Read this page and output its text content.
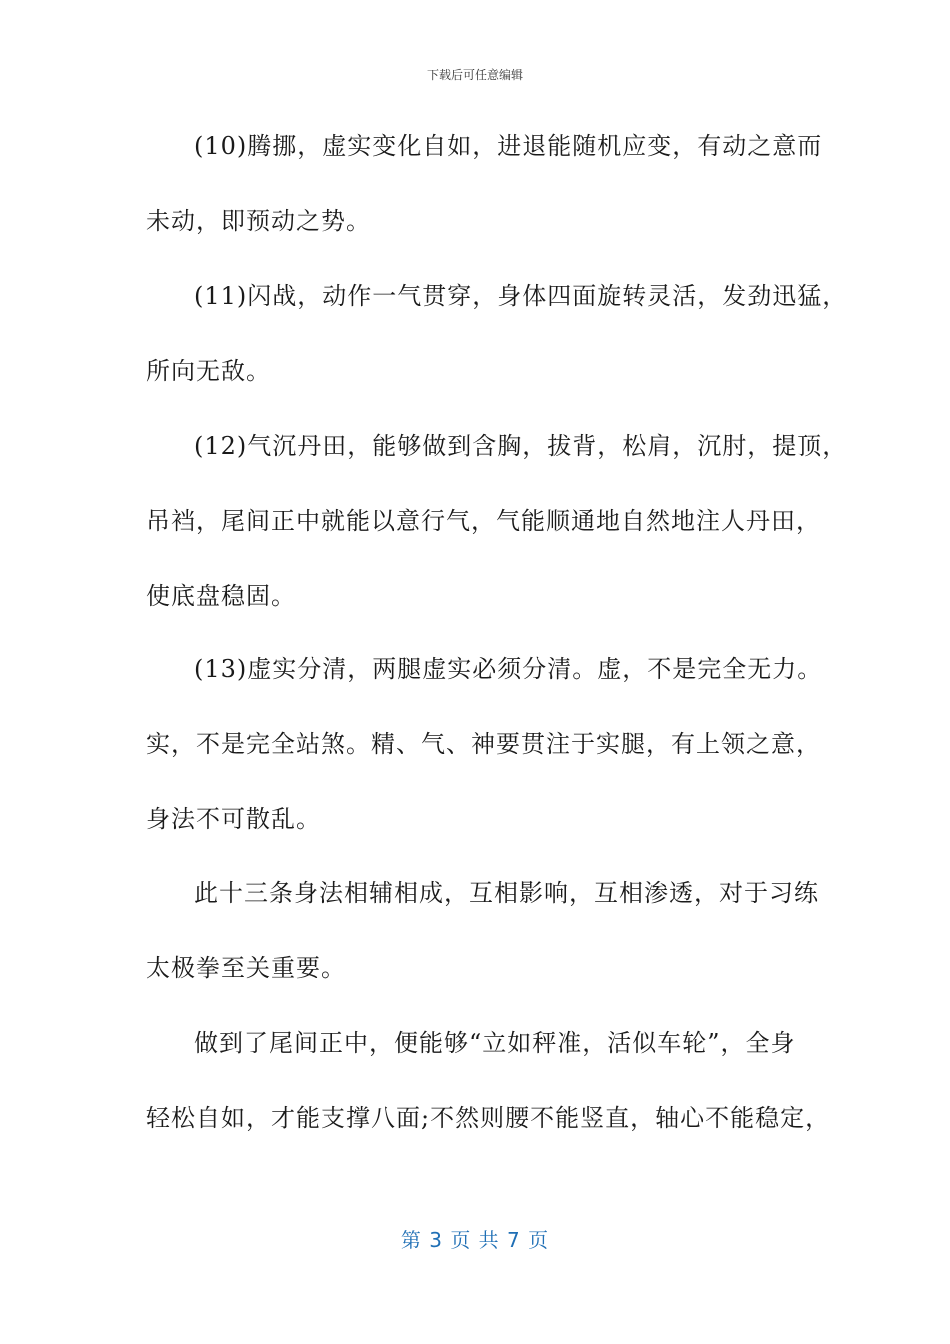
下载后可任意编辑
(10)腾挪，虚实变化自如，进退能随机应变，有动之意而
未动，即预动之势。
(11)闪战，动作一气贯穿，身体四面旋转灵活，发劲迅猛，
所向无敌。
(12)气沉丹田，能够做到含胸，拔背，松肩，沉肘，提顶，
吊裆，尾间正中就能以意行气，气能顺通地自然地注人丹田，
使底盘稳固。
(13)虚实分清，两腿虚实必须分清。虚，不是完全无力。
实，不是完全站煞。精、气、神要贯注于实腿，有上领之意，
身法不可散乱。
此十三条身法相辅相成，互相影响，互相渗透，对于习练
太极拳至关重要。
做到了尾间正中，便能够“立如秤准，活似车轮”，全身
轻松自如，才能支撑八面;不然则腰不能竖直，轴心不能稳定，
第 3 页 共 7 页
